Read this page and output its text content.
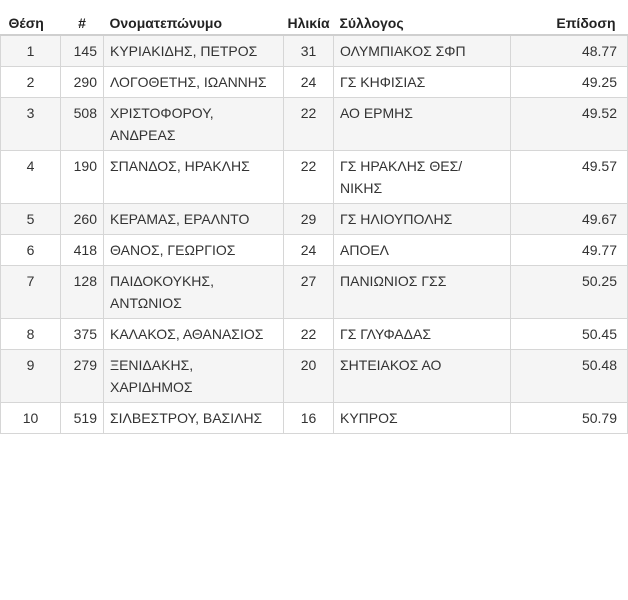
Θέση	#	Ονοματεπώνυμο	Ηλικία	Σύλλογος	Επίδοση
1	145	ΚΥΡΙΑΚΙΔΗΣ, ΠΕΤΡΟΣ	31	ΟΛΥΜΠΙΑΚΟΣ ΣΦΠ	48.77
2	290	ΛΟΓΟΘΕΤΗΣ, ΙΩΑΝΝΗΣ	24	ΓΣ ΚΗΦΙΣΙΑΣ	49.25
3	508	ΧΡΙΣΤΟΦΟΡΟΥ, ΑΝΔΡΕΑΣ	22	ΑΟ ΕΡΜΗΣ	49.52
4	190	ΣΠΑΝΔΟΣ, ΗΡΑΚΛΗΣ	22	ΓΣ ΗΡΑΚΛΗΣ ΘΕΣ/ΝΙΚΗΣ	49.57
5	260	ΚΕΡΑΜΑΣ, ΕΡΑΛΝΤΟ	29	ΓΣ ΗΛΙΟΥΠΟΛΗΣ	49.67
6	418	ΘΑΝΟΣ, ΓΕΩΡΓΙΟΣ	24	ΑΠΟΕΛ	49.77
7	128	ΠΑΙΔΟΚΟΥΚΗΣ, ΑΝΤΩΝΙΟΣ	27	ΠΑΝΙΩΝΙΟΣ ΓΣΣ	50.25
8	375	ΚΑΛΑΚΟΣ, ΑΘΑΝΑΣΙΟΣ	22	ΓΣ ΓΛΥΦΑΔΑΣ	50.45
9	279	ΞΕΝΙΔΑΚΗΣ, ΧΑΡΙΔΗΜΟΣ	20	ΣΗΤΕΙΑΚΟΣ ΑΟ	50.48
10	519	ΣΙΛΒΕΣΤΡΟΥ, ΒΑΣΙΛΗΣ	16	ΚΥΠΡΟΣ	50.79
